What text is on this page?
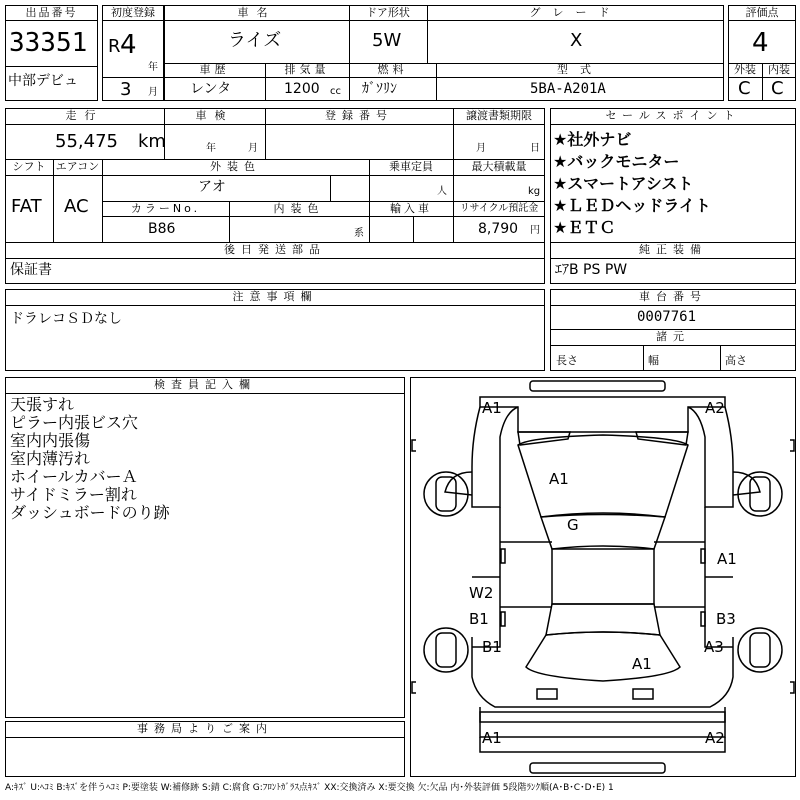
出品番号
33351
中部デビュ
初度登録
R 4
年
3 月
車名
ライズ
ドア形状
5W
グレード
X
車歴
レンタ
排気量
1200 cc
燃料
ｶﾞｿﾘﾝ
型式
5BA-A201A
評価点
4
外装	内装
C C
走行
55,475 km
車検
年	月
登録番号	譲渡書類期限
月	日
シフト
FAT
エアコン
AC
外装色
アオ
乗車定員
人
最大積載量
kg
カラーNo.
B86
内装色
系
輸入車	リサイクル預託金
8,790 円
後日発送部品
保証書
セールスポイント
★社外ナビ
★バックモニター
★スマートアシスト
★ＬＥＤヘッドライト
★ＥＴＣ
純正装備
ｴｱB PS PW
注意事項欄
ドラレコＳＤなし
車台番号
0007761
諸元
長さ	幅	高さ
検査員記入欄
天張すれ
ピラー内張ビス穴
室内内張傷
室内薄汚れ
ホイールカバーＡ
サイドミラー割れ
ダッシュボードのり跡
事務局よりご案内
A1	A2
A1
G
A1
W2
B1	B3
B1	A3
A1
A1	A2
A:ｷｽﾞ U:ﾍｺﾐ B:ｷｽﾞを伴うﾍｺﾐ P:要塗装 W:補修跡 S:錆 C:腐食 G:ﾌﾛﾝﾄｶﾞﾗｽ点ｷｽﾞ XX:交換済み X:要交換 欠:欠品 内･外装評価 5段階ﾗﾝｸ順(A･B･C･D･E) 1
